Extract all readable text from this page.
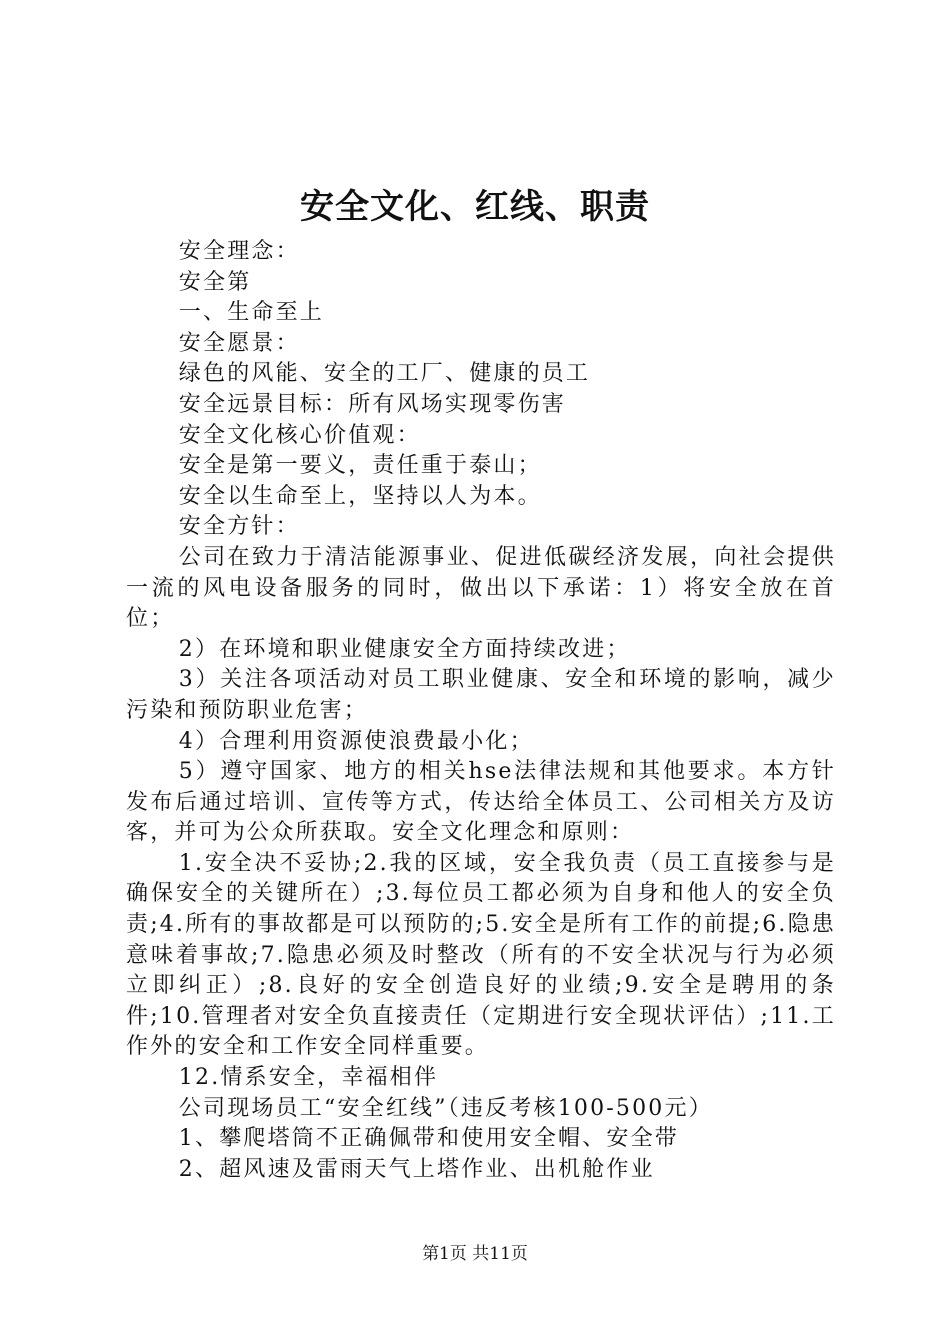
安全文化、红线、职责

安全理念：

安全第

一、生命至上

安全愿景：

绿色的风能、安全的工厂、健康的员工

安全远景目标：所有风场实现零伤害

安全文化核心价值观：

安全是第一要义，责任重于泰山；

安全以生命至上，坚持以人为本。

安全方针：

公司在致力于清洁能源事业、促进低碳经济发展，向社会提供一流的风电设备服务的同时，做出以下承诺：1）将安全放在首位；

2）在环境和职业健康安全方面持续改进；

3）关注各项活动对员工职业健康、安全和环境的影响，减少污染和预防职业危害；

4）合理利用资源使浪费最小化；

5）遵守国家、地方的相关hse法律法规和其他要求。本方针发布后通过培训、宣传等方式，传达给全体员工、公司相关方及访客，并可为公众所获取。安全文化理念和原则：

1.安全决不妥协;2.我的区域，安全我负责（员工直接参与是确保安全的关键所在）;3.每位员工都必须为自身和他人的安全负责;4.所有的事故都是可以预防的;5.安全是所有工作的前提;6.隐患意味着事故;7.隐患必须及时整改（所有的不安全状况与行为必须立即纠正）;8.良好的安全创造良好的业绩;9.安全是聘用的条件;10.管理者对安全负直接责任（定期进行安全现状评估）;11.工作外的安全和工作安全同样重要。

12.情系安全，幸福相伴

公司现场员工“安全红线”（违反考核100-500元）

1、攀爬塔筒不正确佩带和使用安全帽、安全带

2、超风速及雷雨天气上塔作业、出机舱作业

第1页 共11页
